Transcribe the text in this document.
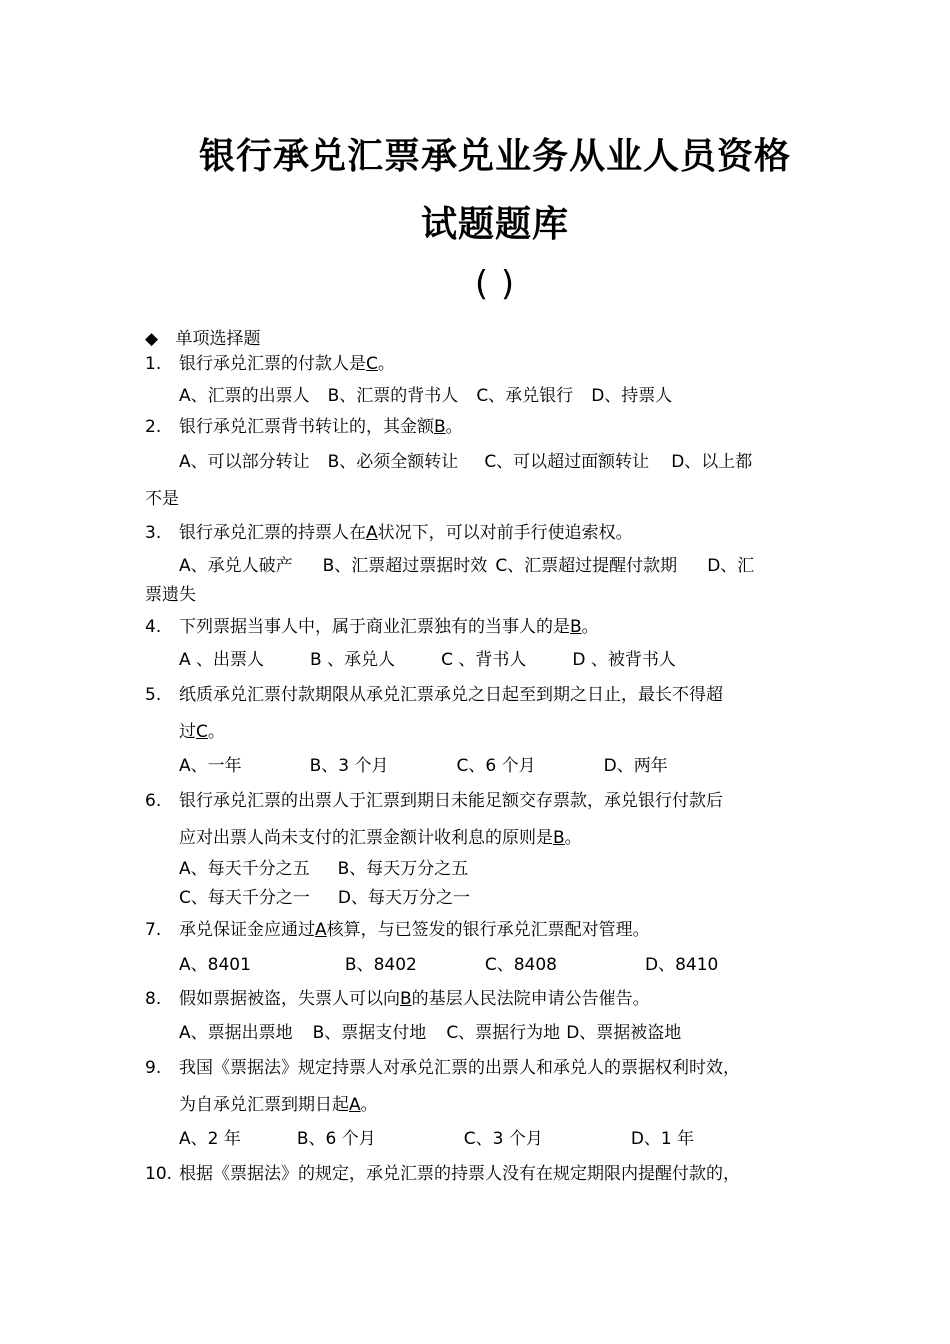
银行承兑汇票承兑业务从业人员资格
试题题库
( )
◆ 单项选择题
1. 银行承兑汇票的付款人是C。
A、汇票的出票人 B、汇票的背书人 C、承兑银行 D、持票人
2. 银行承兑汇票背书转让的，其金额B。
A、可以部分转让 B、必须全额转让 C、可以超过面额转让 D、以上都
不是
3. 银行承兑汇票的持票人在A状况下，可以对前手行使追索权。
A、承兑人破产 B、汇票超过票据时效 C、汇票超过提醒付款期 D、汇
票遗失
4. 下列票据当事人中，属于商业汇票独有的当事人的是B。
A 、出票人	B 、承兑人	C 、背书人	D 、被背书人
5. 纸质承兑汇票付款期限从承兑汇票承兑之日起至到期之日止，最长不得超
过C。
A、一年	B、3 个月	C、6 个月	D、两年
6. 银行承兑汇票的出票人于汇票到期日未能足额交存票款，承兑银行付款后
应对出票人尚未支付的汇票金额计收利息的原则是B。
A、每天千分之五 B、每天万分之五
C、每天千分之一 D、每天万分之一
7. 承兑保证金应通过A核算，与已签发的银行承兑汇票配对管理。
A、8401	B、8402	C、8408	D、8410
8. 假如票据被盗，失票人可以向B的基层人民法院申请公告催告。
A、票据出票地 B、票据支付地 C、票据行为地 D、票据被盗地
9. 我国《票据法》规定持票人对承兑汇票的出票人和承兑人的票据权利时效，
为自承兑汇票到期日起A。
A、2 年	B、6 个月	C、3 个月	D、1 年
10. 根据《票据法》的规定，承兑汇票的持票人没有在规定期限内提醒付款的，
